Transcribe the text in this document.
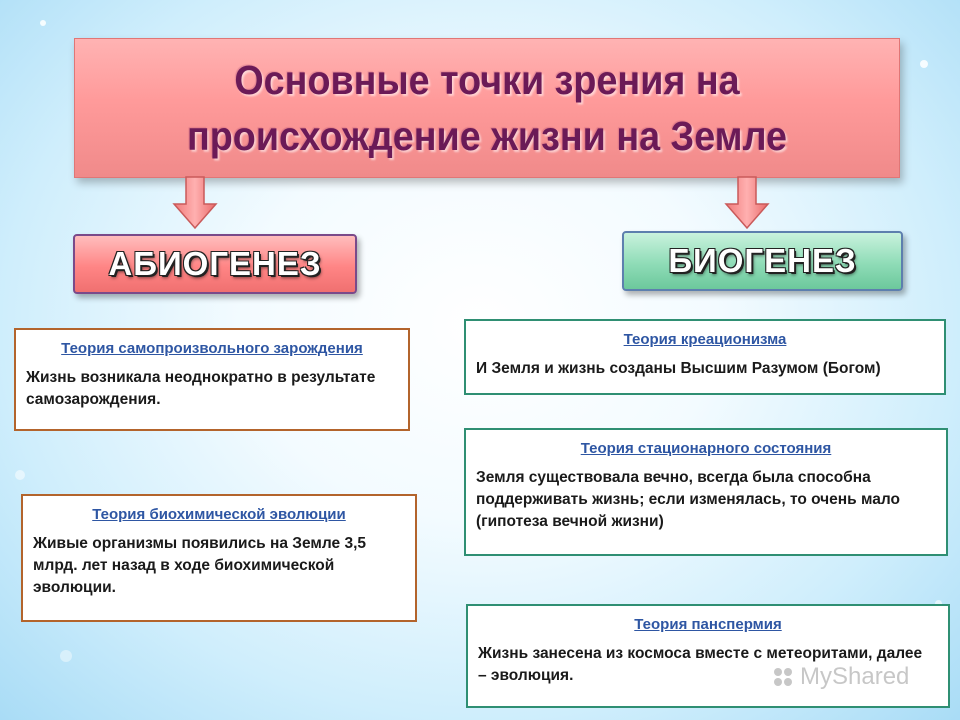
Основные точки зрения на происхождение жизни на Земле
АБИОГЕНЕЗ	БИОГЕНЕЗ
Теория самопроизвольного зарождения
Жизнь возникала неоднократно в результате самозарождения.
Теория биохимической эволюции
Живые организмы появились на Земле 3,5 млрд. лет назад в ходе биохимической эволюции.
Теория креационизма
И Земля и жизнь созданы Высшим Разумом (Богом)
Теория стационарного состояния
Земля существовала вечно, всегда была способна поддерживать жизнь; если изменялась, то очень мало (гипотеза вечной жизни)
Теория панспермия
Жизнь занесена из космоса вместе с метеоритами, далее – эволюция.	MyShared
